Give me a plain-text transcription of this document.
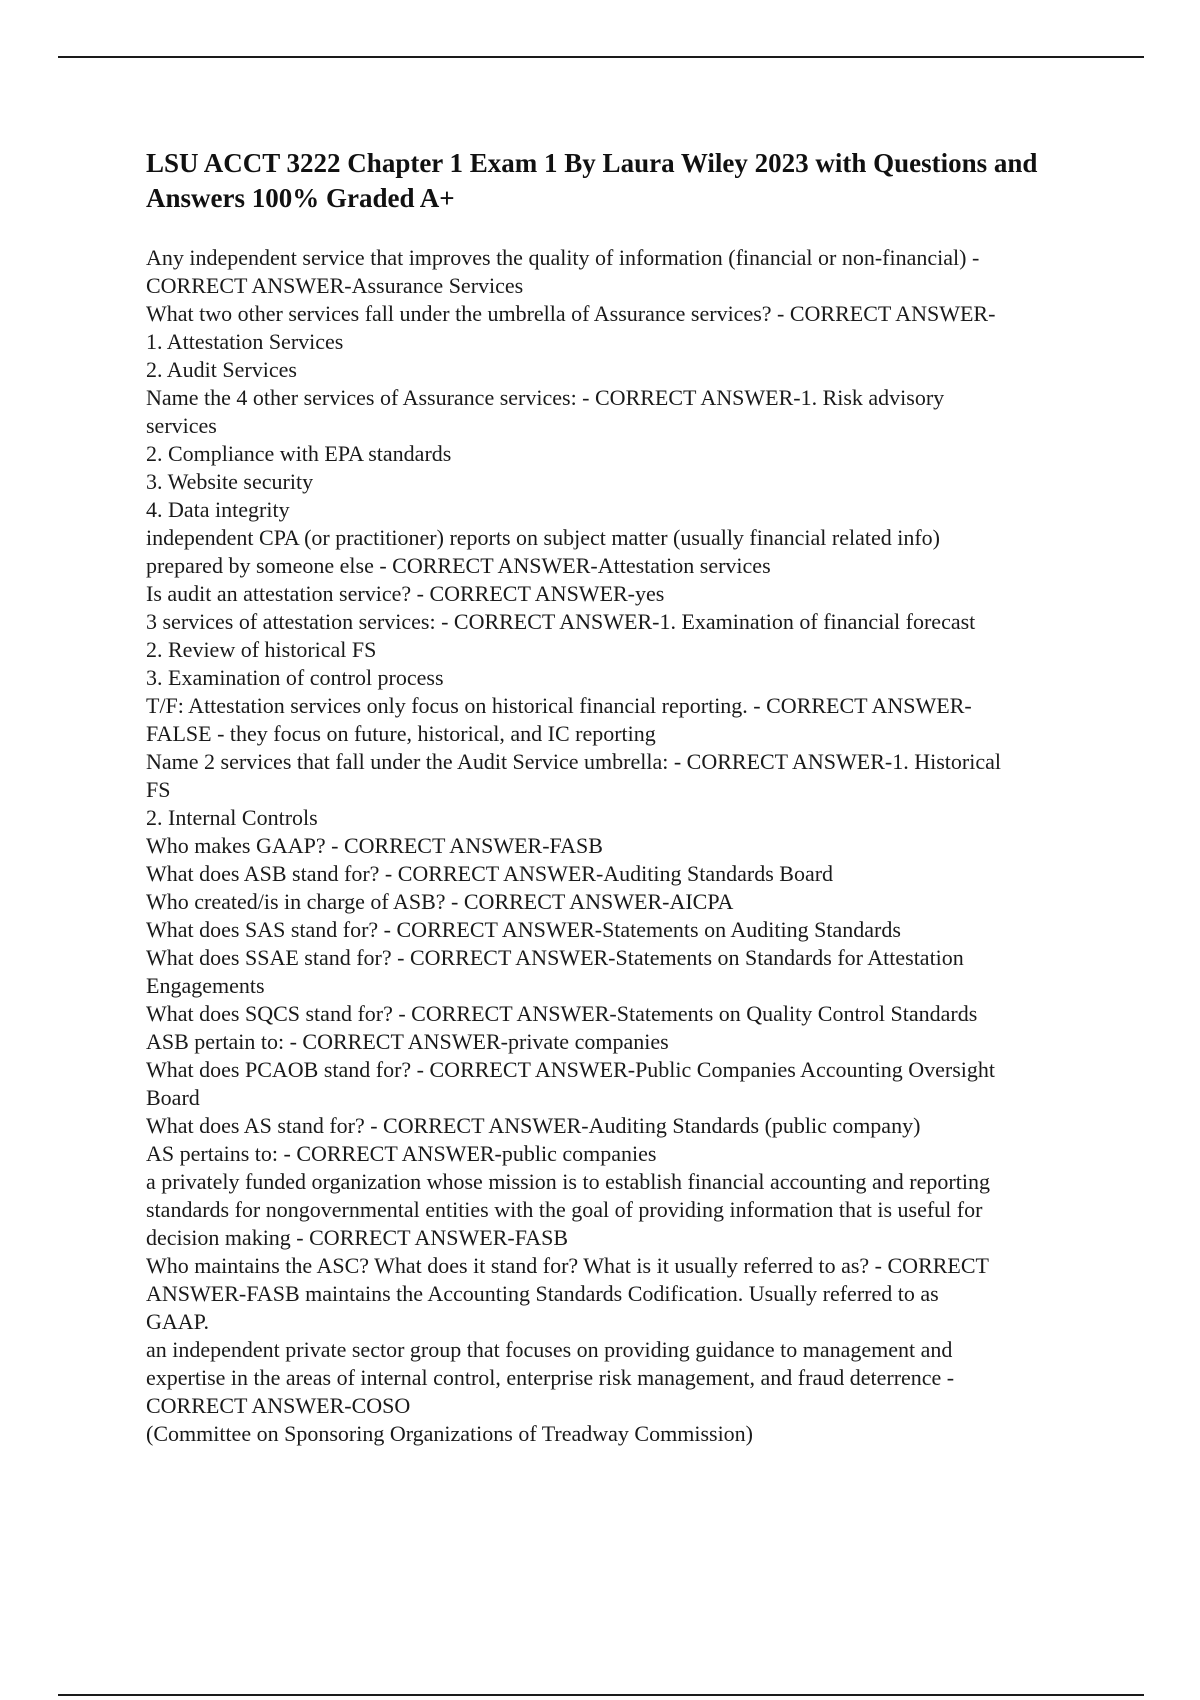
LSU ACCT 3222 Chapter 1 Exam 1 By Laura Wiley 2023 with Questions and
Answers 100% Graded A+
Any independent service that improves the quality of information (financial or non-financial) -
CORRECT ANSWER-Assurance Services
What two other services fall under the umbrella of Assurance services? - CORRECT ANSWER-
1. Attestation Services
2. Audit Services
Name the 4 other services of Assurance services: - CORRECT ANSWER-1. Risk advisory
services
2. Compliance with EPA standards
3. Website security
4. Data integrity
independent CPA (or practitioner) reports on subject matter (usually financial related info)
prepared by someone else - CORRECT ANSWER-Attestation services
Is audit an attestation service? - CORRECT ANSWER-yes
3 services of attestation services: - CORRECT ANSWER-1. Examination of financial forecast
2. Review of historical FS
3. Examination of control process
T/F: Attestation services only focus on historical financial reporting. - CORRECT ANSWER-
FALSE - they focus on future, historical, and IC reporting
Name 2 services that fall under the Audit Service umbrella: - CORRECT ANSWER-1. Historical
FS
2. Internal Controls
Who makes GAAP? - CORRECT ANSWER-FASB
What does ASB stand for? - CORRECT ANSWER-Auditing Standards Board
Who created/is in charge of ASB? - CORRECT ANSWER-AICPA
What does SAS stand for? - CORRECT ANSWER-Statements on Auditing Standards
What does SSAE stand for? - CORRECT ANSWER-Statements on Standards for Attestation
Engagements
What does SQCS stand for? - CORRECT ANSWER-Statements on Quality Control Standards
ASB pertain to: - CORRECT ANSWER-private companies
What does PCAOB stand for? - CORRECT ANSWER-Public Companies Accounting Oversight
Board
What does AS stand for? - CORRECT ANSWER-Auditing Standards (public company)
AS pertains to: - CORRECT ANSWER-public companies
a privately funded organization whose mission is to establish financial accounting and reporting
standards for nongovernmental entities with the goal of providing information that is useful for
decision making - CORRECT ANSWER-FASB
Who maintains the ASC? What does it stand for? What is it usually referred to as? - CORRECT
ANSWER-FASB maintains the Accounting Standards Codification. Usually referred to as
GAAP.
an independent private sector group that focuses on providing guidance to management and
expertise in the areas of internal control, enterprise risk management, and fraud deterrence -
CORRECT ANSWER-COSO
(Committee on Sponsoring Organizations of Treadway Commission)
